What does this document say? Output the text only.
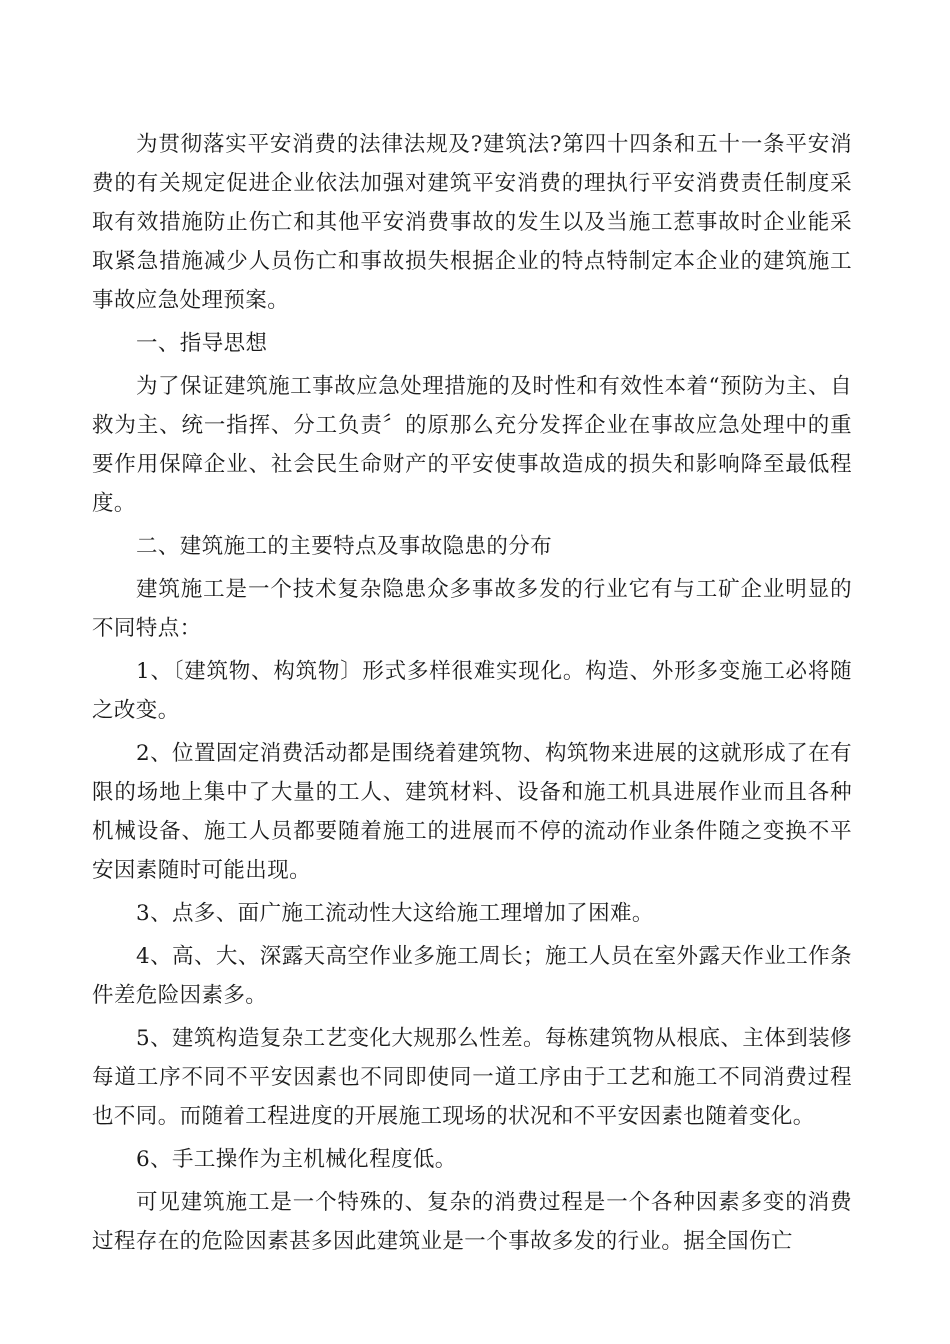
为贯彻落实平安消费的法律法规及?建筑法?第四十四条和五十一条平安消费的有关规定促进企业依法加强对建筑平安消费的理执行平安消费责任制度采取有效措施防止伤亡和其他平安消费事故的发生以及当施工惹事故时企业能采取紧急措施减少人员伤亡和事故损失根据企业的特点特制定本企业的建筑施工事故应急处理预案。

一、指导思想

为了保证建筑施工事故应急处理措施的及时性和有效性本着“预防为主、自救为主、统一指挥、分工负责〞的原那么充分发挥企业在事故应急处理中的重要作用保障企业、社会民生命财产的平安使事故造成的损失和影响降至最低程度。

二、建筑施工的主要特点及事故隐患的分布

建筑施工是一个技术复杂隐患众多事故多发的行业它有与工矿企业明显的不同特点：

1、〔建筑物、构筑物〕形式多样很难实现化。构造、外形多变施工必将随之改变。

2、位置固定消费活动都是围绕着建筑物、构筑物来进展的这就形成了在有限的场地上集中了大量的工人、建筑材料、设备和施工机具进展作业而且各种机械设备、施工人员都要随着施工的进展而不停的流动作业条件随之变换不平安因素随时可能出现。

3、点多、面广施工流动性大这给施工理增加了困难。

4、高、大、深露天高空作业多施工周长；施工人员在室外露天作业工作条件差危险因素多。

5、建筑构造复杂工艺变化大规那么性差。每栋建筑物从根底、主体到装修每道工序不同不平安因素也不同即使同一道工序由于工艺和施工不同消费过程也不同。而随着工程进度的开展施工现场的状况和不平安因素也随着变化。

6、手工操作为主机械化程度低。

可见建筑施工是一个特殊的、复杂的消费过程是一个各种因素多变的消费过程存在的危险因素甚多因此建筑业是一个事故多发的行业。据全国伤亡
